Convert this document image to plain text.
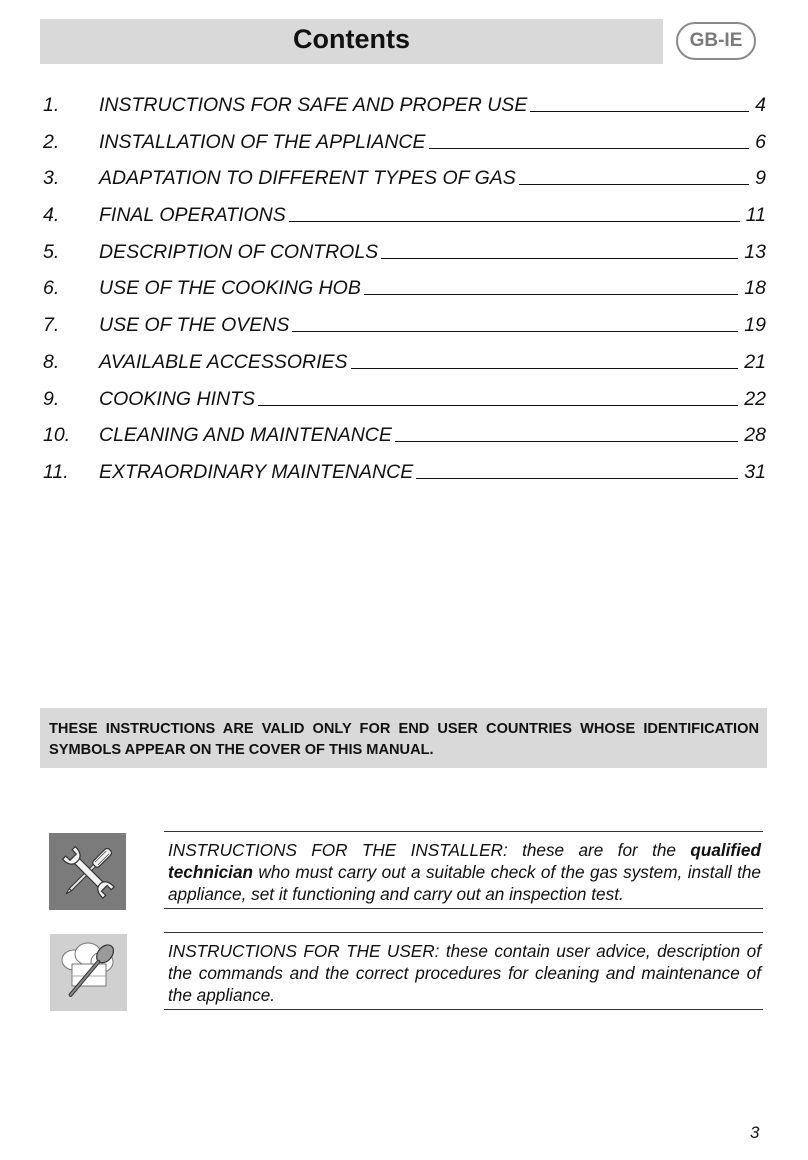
Contents	GB-IE
1.	INSTRUCTIONS FOR SAFE AND PROPER USE	4
2.	INSTALLATION OF THE APPLIANCE	6
3.	ADAPTATION TO DIFFERENT TYPES OF GAS	9
4.	FINAL OPERATIONS	11
5.	DESCRIPTION OF CONTROLS	13
6.	USE OF THE COOKING HOB	18
7.	USE OF THE OVENS	19
8.	AVAILABLE ACCESSORIES	21
9.	COOKING HINTS	22
10.	CLEANING AND MAINTENANCE	28
11.	EXTRAORDINARY MAINTENANCE	31
THESE INSTRUCTIONS ARE VALID ONLY FOR END USER COUNTRIES WHOSE IDENTIFICATION SYMBOLS APPEAR ON THE COVER OF THIS MANUAL.
INSTRUCTIONS FOR THE INSTALLER: these are for the qualified technician who must carry out a suitable check of the gas system, install the appliance, set it functioning and carry out an inspection test.
INSTRUCTIONS FOR THE USER: these contain user advice, description of the commands and the correct procedures for cleaning and maintenance of the appliance.
3
